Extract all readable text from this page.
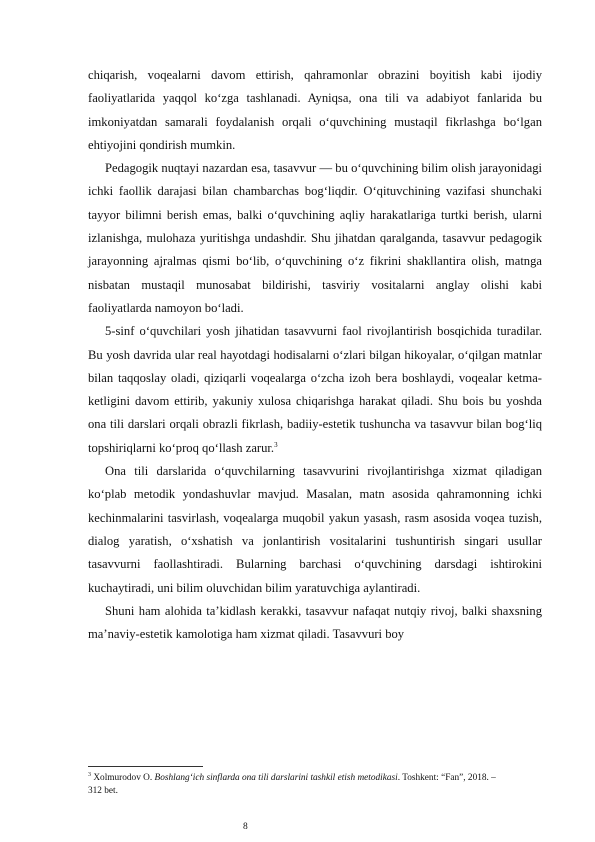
chiqarish, voqealarni davom ettirish, qahramonlar obrazini boyitish kabi ijodiy faoliyatlarida yaqqol ko‘zga tashlanadi. Ayniqsa, ona tili va adabiyot fanlarida bu imkoniyatdan samarali foydalanish orqali o‘quvchining mustaqil fikrlashga bo‘lgan ehtiyojini qondirish mumkin.

Pedagogik nuqtayi nazardan esa, tasavvur — bu o‘quvchining bilim olish jarayonidagi ichki faollik darajasi bilan chambarchas bog‘liqdir. O‘qituvchining vazifasi shunchaki tayyor bilimni berish emas, balki o‘quvchining aqliy harakatlariga turtki berish, ularni izlanishga, mulohaza yuritishga undashdir. Shu jihatdan qaralganda, tasavvur pedagogik jarayonning ajralmas qismi bo‘lib, o‘quvchining o‘z fikrini shakllantira olish, matnga nisbatan mustaqil munosabat bildirishi, tasviriy vositalarni anglay olishi kabi faoliyatlarda namoyon bo‘ladi.

5-sinf o‘quvchilari yosh jihatidan tasavvurni faol rivojlantirish bosqichida turadilar. Bu yosh davrida ular real hayotdagi hodisalarni o‘zlari bilgan hikoyalar, o‘qilgan matnlar bilan taqqoslay oladi, qiziqarli voqealarga o‘zcha izoh bera boshlaydi, voqealar ketma-ketligini davom ettirib, yakuniy xulosa chiqarishga harakat qiladi. Shu bois bu yoshda ona tili darslari orqali obrazli fikrlash, badiiy-estetik tushuncha va tasavvur bilan bog‘liq topshiriqlarni ko‘proq qo‘llash zarur.$^3$

Ona tili darslarida o‘quvchilarning tasavvurini rivojlantirishga xizmat qiladigan ko‘plab metodik yondashuvlar mavjud. Masalan, matn asosida qahramonning ichki kechinmalarini tasvirlash, voqealarga muqobil yakun yasash, rasm asosida voqea tuzish, dialog yaratish, o‘xshatish va jonlantirish vositalarini tushuntirish singari usullar tasavvurni faollashtiradi. Bularning barchasi o‘quvchining darsdagi ishtirokini kuchaytiradi, uni bilim oluvchidan bilim yaratuvchiga aylantiradi.

Shuni ham alohida ta’kidlash kerakki, tasavvur nafaqat nutqiy rivoj, balki shaxsning ma’naviy-estetik kamolotiga ham xizmat qiladi. Tasavvuri boy

$^3$ Xolmurodov O. Boshlang‘ich sinflarda ona tili darslarini tashkil etish metodikasi. Toshkent: “Fan”, 2018. – 312 bet.

8
